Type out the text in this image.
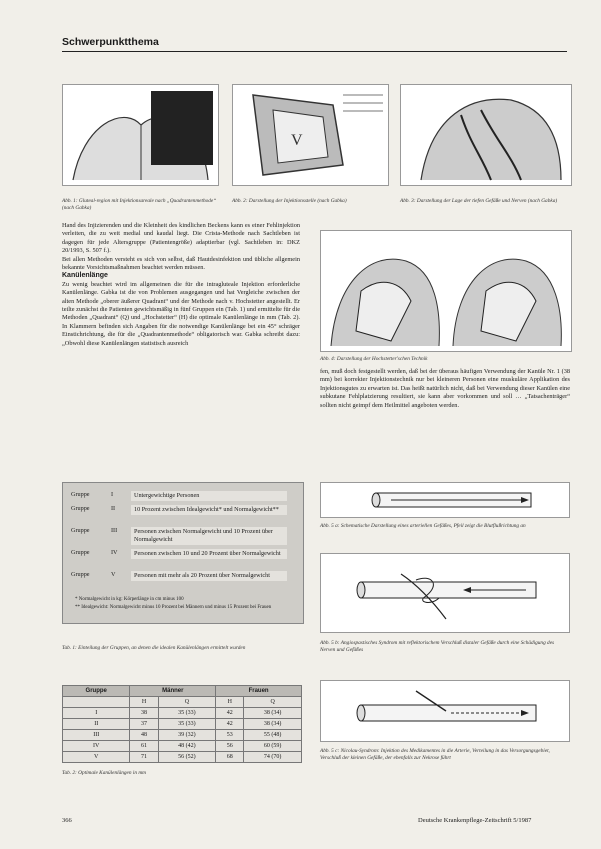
Schwerpunktthema
Abb. 1: Gluteal-region mit Injektionsareale nach „Quadrantenmethode“ (nach Gabka)
V
Abb. 2: Darstellung der Injektionsstelle (nach Gabka)	Abb. 3: Darstellung der Lage der tiefen Gefäße und Nerven (nach Gabka)

Hand des Injizierenden und die Kleinheit des kindlichen Beckens kann es einer Fehlinjektion verleiten, die zu weit medial und kaudal liegt. Die Crista-Methode nach Sachtleben ist dagegen für jede Altersgruppe (Patientengröße) adaptierbar (vgl. Sachtleben in: DKZ 20/1993, S. 507 f.).

Bei allen Methoden versteht es sich von selbst, daß Hautdesinfektion und übliche allgemein bekannte Vorsichtsmaßnahmen beachtet werden müssen.

Kanülenlänge

Zu wenig beachtet wird im allgemeinen die für die intragluteale Injektion erforderliche Kanülenlänge. Gabka ist die von Problemen ausgegangen und hat Vergleiche zwischen der alten Methode „oberer äußerer Quadrant“ und der Methode nach v. Hochstetter angestellt. Er teilte zunächst die Patienten gewichtsmäßig in fünf Gruppen ein (Tab. 1) und ermittelte für die Methoden „Quadrant“ (Q) und „Hochstetter“ (H) die optimale Kanülenlänge in mm (Tab. 2). In Klammern befinden sich Angaben für die notwendige Kanülenlänge bei ein 45° schräger Einstichrichtung, die für die „Quadrantenmethode“ obligatorisch war. Gabka schreibt dazu: „Obwohl diese Kanülenlängen statistisch ausreich

Abb. 4: Darstellung der Hochstetter'schen Technik
fen, muß doch festgestellt werden, daß bei der überaus häufigen Verwendung der Kanüle Nr. 1 (38 mm) bei korrekter Injektionstechnik nur bei kleineren Personen eine muskuläre Applikation des Injektionsgutes zu erwarten ist. Das heißt natürlich nicht, daß bei Verwendung dieser Kanülen eine subkutane Fehlplatzierung resultiert, sie kann aber vorkommen und soll … „Tatsachenträger“ sollten nicht geimpf dem Heilmittel angeboten werden.
Gruppe	I	Untergewichtige Personen
Gruppe	II	10 Prozent zwischen Idealgewicht* und Normalgewicht**
Gruppe	III	Personen zwischen Normalgewicht und 10 Prozent über Normalgewicht
Gruppe	IV	Personen zwischen 10 und 20 Prozent über Normalgewicht
Gruppe	V	Personen mit mehr als 20 Prozent über Normalgewicht
* Normalgewicht in kg: Körperlänge in cm minus 100
** Idealgewicht: Normalgewicht minus 10 Prozent bei Männern und minus 15 Prozent bei Frauen
Tab. 1: Einteilung der Gruppen, an denen die idealen Kanülenlängen ermittelt wurden
Gruppe	Männer		Frauen	
	H	Q	H	Q
I	38	35 (33)	42	38 (34)
II	37	35 (33)	42	38 (34)
III	48	39 (32)	53	55 (48)
IV	61	48 (42)	56	60 (59)
V	71	56 (52)	68	74 (70)
Tab. 2: Optimale Kanülenlängen in mm
Abb. 5 a: Schematische Darstellung eines arteriellen Gefäßes, Pfeil zeigt die Blutflußrichtung an
Abb. 5 b: Angiospastisches Syndrom mit reflektorischem Verschluß distaler Gefäße durch eine Schädigung des Nerven und Gefäßes
Abb. 5 c: Nicolau-Syndrom: Injektion des Medikamentes in die Arterie, Verteilung in das Versorgungsgebiet, Verschluß der kleinen Gefäße, der ebenfalls zur Nekrose führt
366	Deutsche Krankenpflege-Zeitschrift 5/1987
